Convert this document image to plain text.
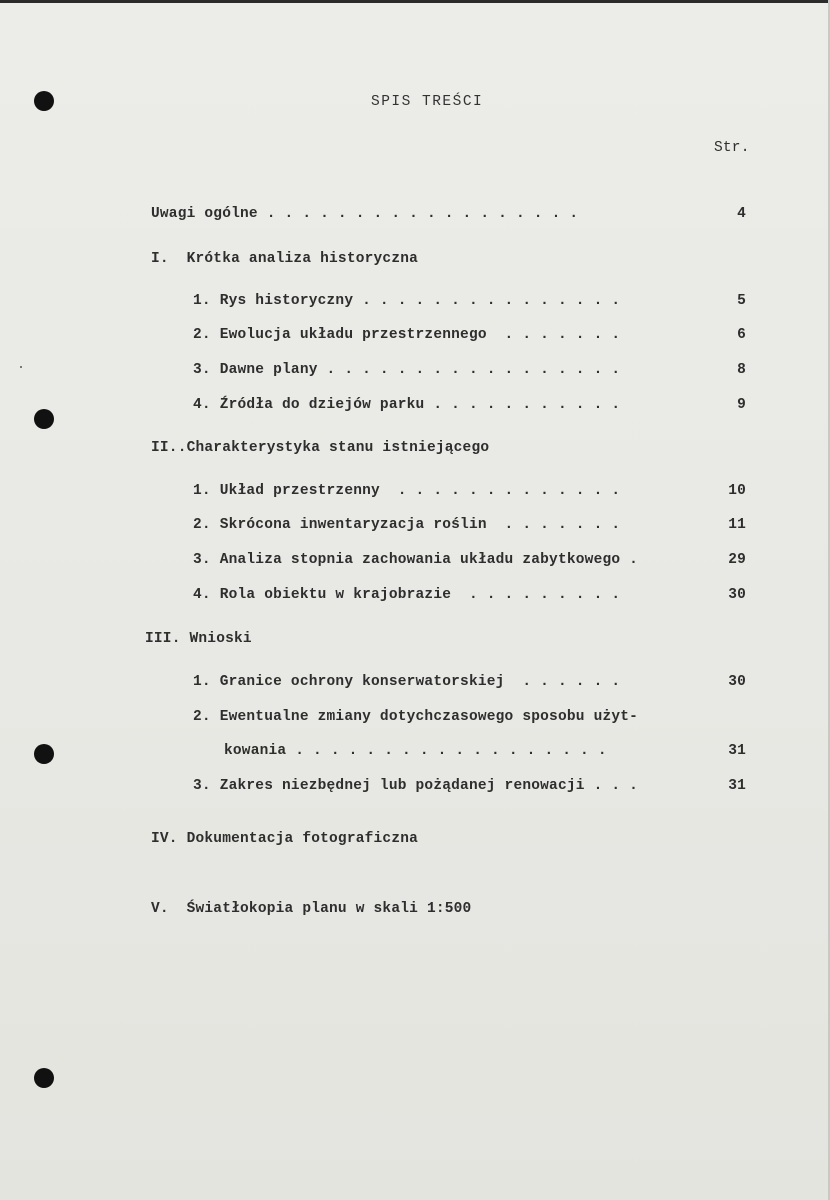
SPIS TREŚCI
Str.
Uwagi ogólne . . . . . . . . . . . . . . . . . .	4
I.  Krótka analiza historyczna
1. Rys historyczny . . . . . . . . . . . . . . .	5
2. Ewolucja układu przestrzennego  . . . . . . .	6
3. Dawne plany . . . . . . . . . . . . . . . . .	8
4. Źródła do dziejów parku . . . . . . . . . . .	9
II..Charakterystyka stanu istniejącego
1. Układ przestrzenny  . . . . . . . . . . . . .	10
2. Skrócona inwentaryzacja roślin  . . . . . . .	11
3. Analiza stopnia zachowania układu zabytkowego .	29
4. Rola obiektu w krajobrazie  . . . . . . . . .	30
III. Wnioski
1. Granice ochrony konserwatorskiej  . . . . . .	30
2. Ewentualne zmiany dotychczasowego sposobu użyt-
kowania . . . . . . . . . . . . . . . . . .	31
3. Zakres niezbędnej lub pożądanej renowacji . . .	31
IV. Dokumentacja fotograficzna
V.  Światłokopia planu w skali 1:500
